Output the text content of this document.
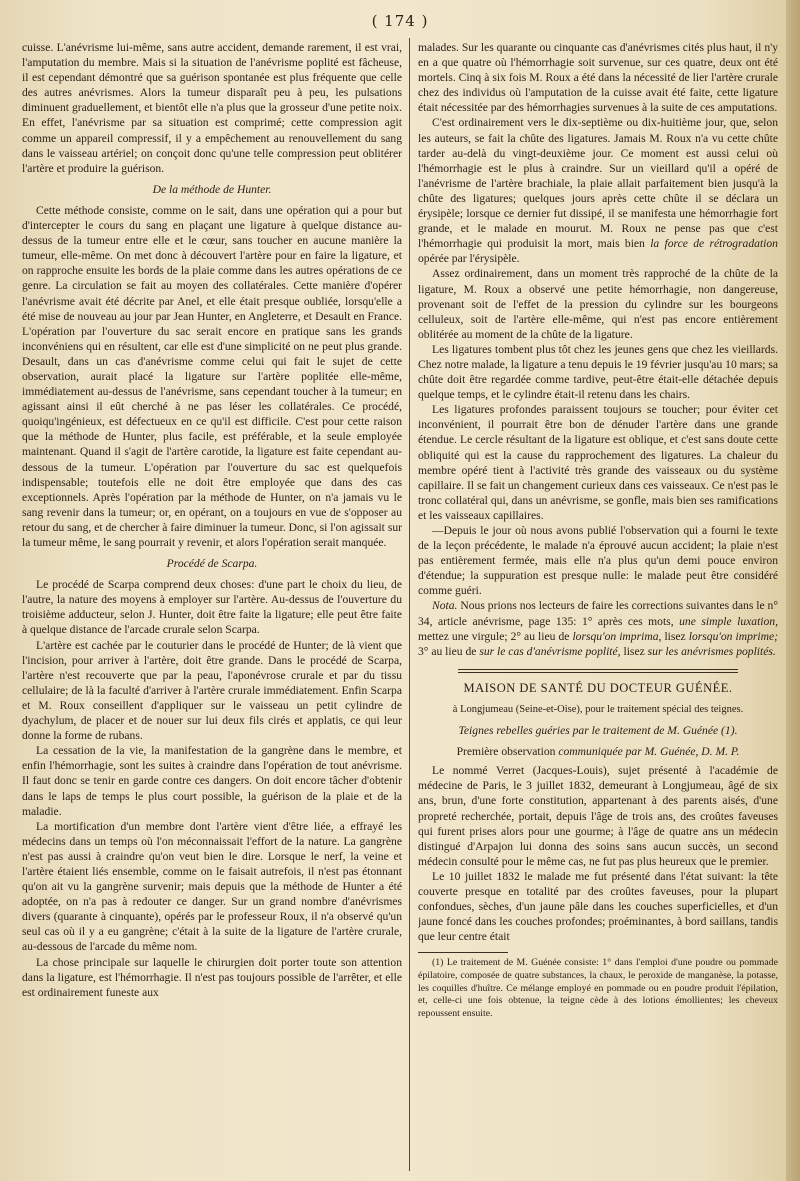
( 174 )

cuisse. L'anévrisme lui-même, sans autre accident, demande rarement, il est vrai, l'amputation du membre. Mais si la situation de l'anévrisme poplité est fâcheuse, il est cependant démontré que sa guérison spontanée est plus fréquente que celle des autres anévrismes. Alors la tumeur disparaît peu à peu, les pulsations diminuent graduellement, et bientôt elle n'a plus que la grosseur d'une petite noix. En effet, l'anévrisme par sa situation est comprimé; cette compression agit comme un appareil compressif, il y a empêchement au renouvellement du sang dans le vaisseau artériel; on conçoit donc qu'une telle compression peut oblitérer l'artère et produire la guérison.

De la méthode de Hunter.

Cette méthode consiste, comme on le sait, dans une opération qui a pour but d'intercepter le cours du sang en plaçant une ligature à quelque distance au-dessus de la tumeur entre elle et le cœur, sans toucher en aucune manière la tumeur, elle-même. On met donc à découvert l'artère pour en faire la ligature, et on rapproche ensuite les bords de la plaie comme dans les autres opérations de ce genre. La circulation se fait au moyen des collatérales. Cette manière d'opérer l'anévrisme avait été décrite par Anel, et elle était presque oubliée, lorsqu'elle a été mise de nouveau au jour par Jean Hunter, en Angleterre, et Desault en France. L'opération par l'ouverture du sac serait encore en pratique sans les grands inconvéniens qui en résultent, car elle est d'une simplicité on ne peut plus grande. Desault, dans un cas d'anévrisme comme celui qui fait le sujet de cette observation, aurait placé la ligature sur l'artère poplitée elle-même, immédiatement au-dessus de l'anévrisme, sans cependant toucher à la tumeur; en agissant ainsi il eût cherché à ne pas léser les collatérales. Ce procédé, quoiqu'ingénieux, est défectueux en ce qu'il est difficile. C'est pour cette raison que la méthode de Hunter, plus facile, est préférable, et la seule employée maintenant. Quand il s'agit de l'artère carotide, la ligature est faite cependant au-dessous de la tumeur. L'opération par l'ouverture du sac est quelquefois indispensable; toutefois elle ne doit être employée que dans des cas exceptionnels. Après l'opération par la méthode de Hunter, on n'a jamais vu le sang revenir dans la tumeur; or, en opérant, on a toujours en vue de s'opposer au retour du sang, et de chercher à faire diminuer la tumeur. Donc, si l'on agissait sur la tumeur même, le sang pourrait y revenir, et alors l'opération serait manquée.

Procédé de Scarpa.

Le procédé de Scarpa comprend deux choses: d'une part le choix du lieu, de l'autre, la nature des moyens à employer sur l'artère. Au-dessus de l'ouverture du troisième adducteur, selon J. Hunter, doit être faite la ligature; elle peut être faite à quelque distance de l'arcade crurale selon Scarpa.

L'artère est cachée par le couturier dans le procédé de Hunter; de là vient que l'incision, pour arriver à l'artère, doit être grande. Dans le procédé de Scarpa, l'artère n'est recouverte que par la peau, l'aponévrose crurale et par du tissu cellulaire; de là la faculté d'arriver à l'artère crurale immédiatement. Enfin Scarpa et M. Roux conseillent d'appliquer sur le vaisseau un petit cylindre de dyachylum, de placer et de nouer sur lui deux fils cirés et applatis, ce qui leur donne la forme de rubans.

La cessation de la vie, la manifestation de la gangrène dans le membre, et enfin l'hémorrhagie, sont les suites à craindre dans l'opération de tout anévrisme. Il faut donc se tenir en garde contre ces dangers. On doit encore tâcher d'obtenir dans le laps de temps le plus court possible, la guérison de la plaie et de la maladie.

La mortification d'un membre dont l'artère vient d'être liée, a effrayé les médecins dans un temps où l'on méconnaissait l'effort de la nature. La gangrène n'est pas aussi à craindre qu'on veut bien le dire. Lorsque le nerf, la veine et l'artère étaient liés ensemble, comme on le faisait autrefois, il n'est pas étonnant qu'on ait vu la gangrène survenir; mais depuis que la méthode de Hunter a été adoptée, on n'a pas à redouter ce danger. Sur un grand nombre d'anévrismes divers (quarante à cinquante), opérés par le professeur Roux, il n'a observé qu'un seul cas où il y a eu gangrène; c'était à la suite de la ligature de l'artère crurale, au-dessous de l'arcade du même nom.

La chose principale sur laquelle le chirurgien doit porter toute son attention dans la ligature, est l'hémorrhagie. Il n'est pas toujours possible de l'arrêter, et elle est ordinairement funeste aux

malades. Sur les quarante ou cinquante cas d'anévrismes cités plus haut, il n'y en a que quatre où l'hémorrhagie soit survenue, sur ces quatre, deux ont été mortels. Cinq à six fois M. Roux a été dans la nécessité de lier l'artère crurale chez des individus où l'amputation de la cuisse avait été faite, cette ligature était nécessitée par des hémorrhagies survenues à la suite de ces amputations.

C'est ordinairement vers le dix-septième ou dix-huitième jour, que, selon les auteurs, se fait la chûte des ligatures. Jamais M. Roux n'a vu cette chûte tarder au-delà du vingt-deuxième jour. Ce moment est aussi celui où l'hémorrhagie est le plus à craindre. Sur un vieillard qu'il a opéré de l'anévrisme de l'artère brachiale, la plaie allait parfaitement bien jusqu'à la chûte des ligatures; quelques jours après cette chûte il se déclara un érysipèle; lorsque ce dernier fut dissipé, il se manifesta une hémorrhagie fort grande, et le malade en mourut. M. Roux ne pense pas que c'est l'hémorrhagie qui produisit la mort, mais bien la force de rétrogradation opérée par l'érysipèle.

Assez ordinairement, dans un moment très rapproché de la chûte de la ligature, M. Roux a observé une petite hémorrhagie, non dangereuse, provenant soit de l'effet de la pression du cylindre sur les bourgeons celluleux, soit de l'artère elle-même, qui n'est pas encore entièrement oblitérée au moment de la chûte de la ligature.

Les ligatures tombent plus tôt chez les jeunes gens que chez les vieillards. Chez notre malade, la ligature a tenu depuis le 19 février jusqu'au 10 mars; sa chûte doit être regardée comme tardive, peut-être était-elle détachée depuis quelque temps, et le cylindre était-il retenu dans les chairs.

Les ligatures profondes paraissent toujours se toucher; pour éviter cet inconvénient, il pourrait être bon de dénuder l'artère dans une grande étendue. Le cercle résultant de la ligature est oblique, et c'est sans doute cette obliquité qui est la cause du rapprochement des ligatures. La chaleur du membre opéré tient à l'activité très grande des vaisseaux ou du système capillaire. Il se fait un changement curieux dans ces vaisseaux. Ce n'est pas le tronc collatéral qui, dans un anévrisme, se gonfle, mais bien ses ramifications et les vaisseaux capillaires.

—Depuis le jour où nous avons publié l'observation qui a fourni le texte de la leçon précédente, le malade n'a éprouvé aucun accident; la plaie n'est pas entièrement fermée, mais elle n'a plus qu'un demi pouce environ d'étendue; la suppuration est presque nulle: le malade peut être considéré comme guéri.

Nota. Nous prions nos lecteurs de faire les corrections suivantes dans le n° 34, article anévrisme, page 135: 1° après ces mots, une simple luxation, mettez une virgule; 2° au lieu de lorsqu'on imprima, lisez lorsqu'on imprime; 3° au lieu de sur le cas d'anévrisme poplité, lisez sur les anévrismes poplités.

MAISON DE SANTÉ DU DOCTEUR GUÉNÉE.

à Longjumeau (Seine-et-Oise), pour le traitement spécial des teignes.

Teignes rebelles guéries par le traitement de M. Guénée (1).

Première observation communiquée par M. Guénée, D. M. P.

Le nommé Verret (Jacques-Louis), sujet présenté à l'académie de médecine de Paris, le 3 juillet 1832, demeurant à Longjumeau, âgé de six ans, brun, d'une forte constitution, appartenant à des parents aisés, d'une propreté recherchée, portait, depuis l'âge de trois ans, des croûtes faveuses qui furent prises alors pour une gourme; à l'âge de quatre ans un médecin distingué d'Arpajon lui donna des soins sans aucun succès, un second médecin consulté pour le même cas, ne fut pas plus heureux que le premier.

Le 10 juillet 1832 le malade me fut présenté dans l'état suivant: la tête couverte presque en totalité par des croûtes faveuses, pour la plupart confondues, sèches, d'un jaune pâle dans les couches superficielles, et d'un jaune foncé dans les couches profondes; proéminantes, à bord saillans, tandis que leur centre était

(1) Le traitement de M. Guénée consiste: 1° dans l'emploi d'une poudre ou pommade épilatoire, composée de quatre substances, la chaux, le peroxide de manganèse, la potasse, les coquilles d'huître. Ce mélange employé en pommade ou en poudre produit l'épilation, et, celle-ci une fois obtenue, la teigne cède à des lotions émollientes; les cheveux repoussent ensuite.
